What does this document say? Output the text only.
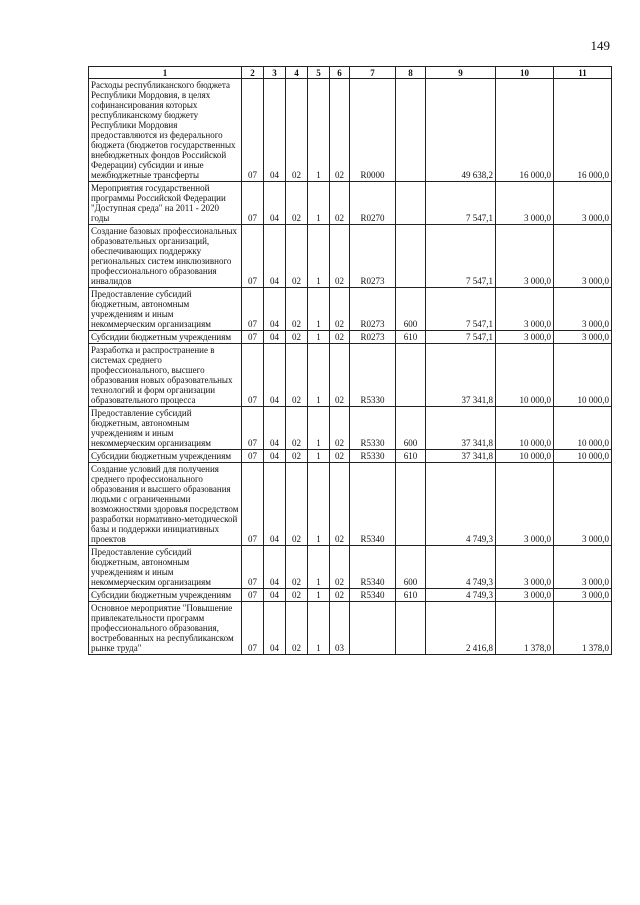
149
1	2	3	4	5	6	7	8	9	10	11
Расходы республиканского бюджета Республики Мордовия, в целях софинансирования которых республиканскому бюджету Республики Мордовия предоставляются из федерального бюджета (бюджетов государственных внебюджетных фондов Российской Федерации) субсидии и иные межбюджетные трансферты	07	04	02	1	02	R0000		49 638,2	16 000,0	16 000,0
Мероприятия государственной программы Российской Федерации "Доступная среда" на 2011 - 2020 годы	07	04	02	1	02	R0270		7 547,1	3 000,0	3 000,0
Создание базовых профессиональных образовательных организаций, обеспечивающих поддержку региональных систем инклюзивного профессионального образования инвалидов	07	04	02	1	02	R0273		7 547,1	3 000,0	3 000,0
Предоставление субсидий бюджетным, автономным учреждениям и иным некоммерческим организациям	07	04	02	1	02	R0273	600	7 547,1	3 000,0	3 000,0
Субсидии бюджетным учреждениям	07	04	02	1	02	R0273	610	7 547,1	3 000,0	3 000,0
Разработка и распространение в системах среднего профессионального, высшего образования новых образовательных технологий и форм организации образовательного процесса	07	04	02	1	02	R5330		37 341,8	10 000,0	10 000,0
Предоставление субсидий бюджетным, автономным учреждениям и иным некоммерческим организациям	07	04	02	1	02	R5330	600	37 341,8	10 000,0	10 000,0
Субсидии бюджетным учреждениям	07	04	02	1	02	R5330	610	37 341,8	10 000,0	10 000,0
Создание условий для получения среднего профессионального образования и высшего образования людьми с ограниченными возможностями здоровья посредством разработки нормативно-методической базы и поддержки инициативных проектов	07	04	02	1	02	R5340		4 749,3	3 000,0	3 000,0
Предоставление субсидий бюджетным, автономным учреждениям и иным некоммерческим организациям	07	04	02	1	02	R5340	600	4 749,3	3 000,0	3 000,0
Субсидии бюджетным учреждениям	07	04	02	1	02	R5340	610	4 749,3	3 000,0	3 000,0
Основное мероприятие "Повышение привлекательности программ профессионального образования, востребованных на республиканском рынке труда"	07	04	02	1	03			2 416,8	1 378,0	1 378,0
